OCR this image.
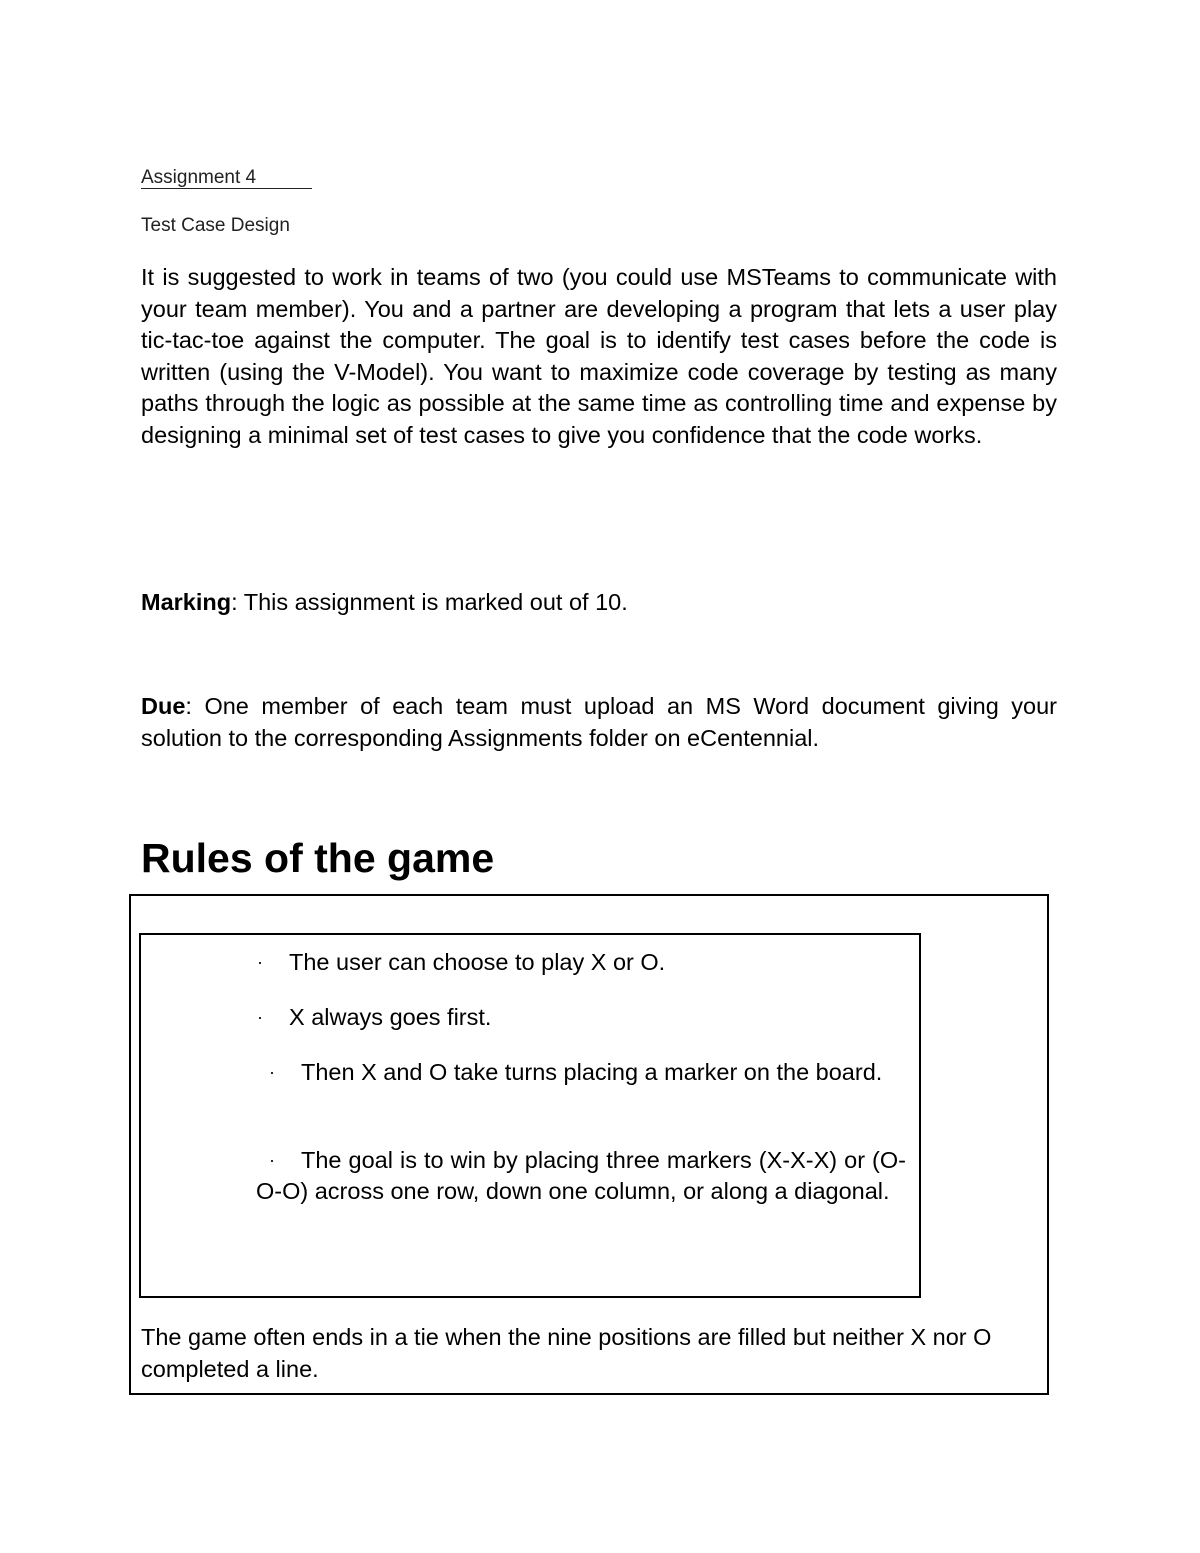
Assignment 4
Test Case Design

It is suggested to work in teams of two (you could use MSTeams to communicate with your team member). You and a partner are developing a program that lets a user play tic-tac-toe against the computer. The goal is to identify test cases before the code is written (using the V-Model). You want to maximize code coverage by testing as many paths through the logic as possible at the same time as controlling time and expense by designing a minimal set of test cases to give you confidence that the code works.

Marking: This assignment is marked out of 10.

Due: One member of each team must upload an MS Word document giving your solution to the corresponding Assignments folder on eCentennial.

Rules of the game
· The user can choose to play X or O.
· X always goes first.
· Then X and O take turns placing a marker on the board.
· The goal is to win by placing three markers (X-X-X) or (O-O-O) across one row, down one column, or along a diagonal.

The game often ends in a tie when the nine positions are filled but neither X nor O completed a line.
